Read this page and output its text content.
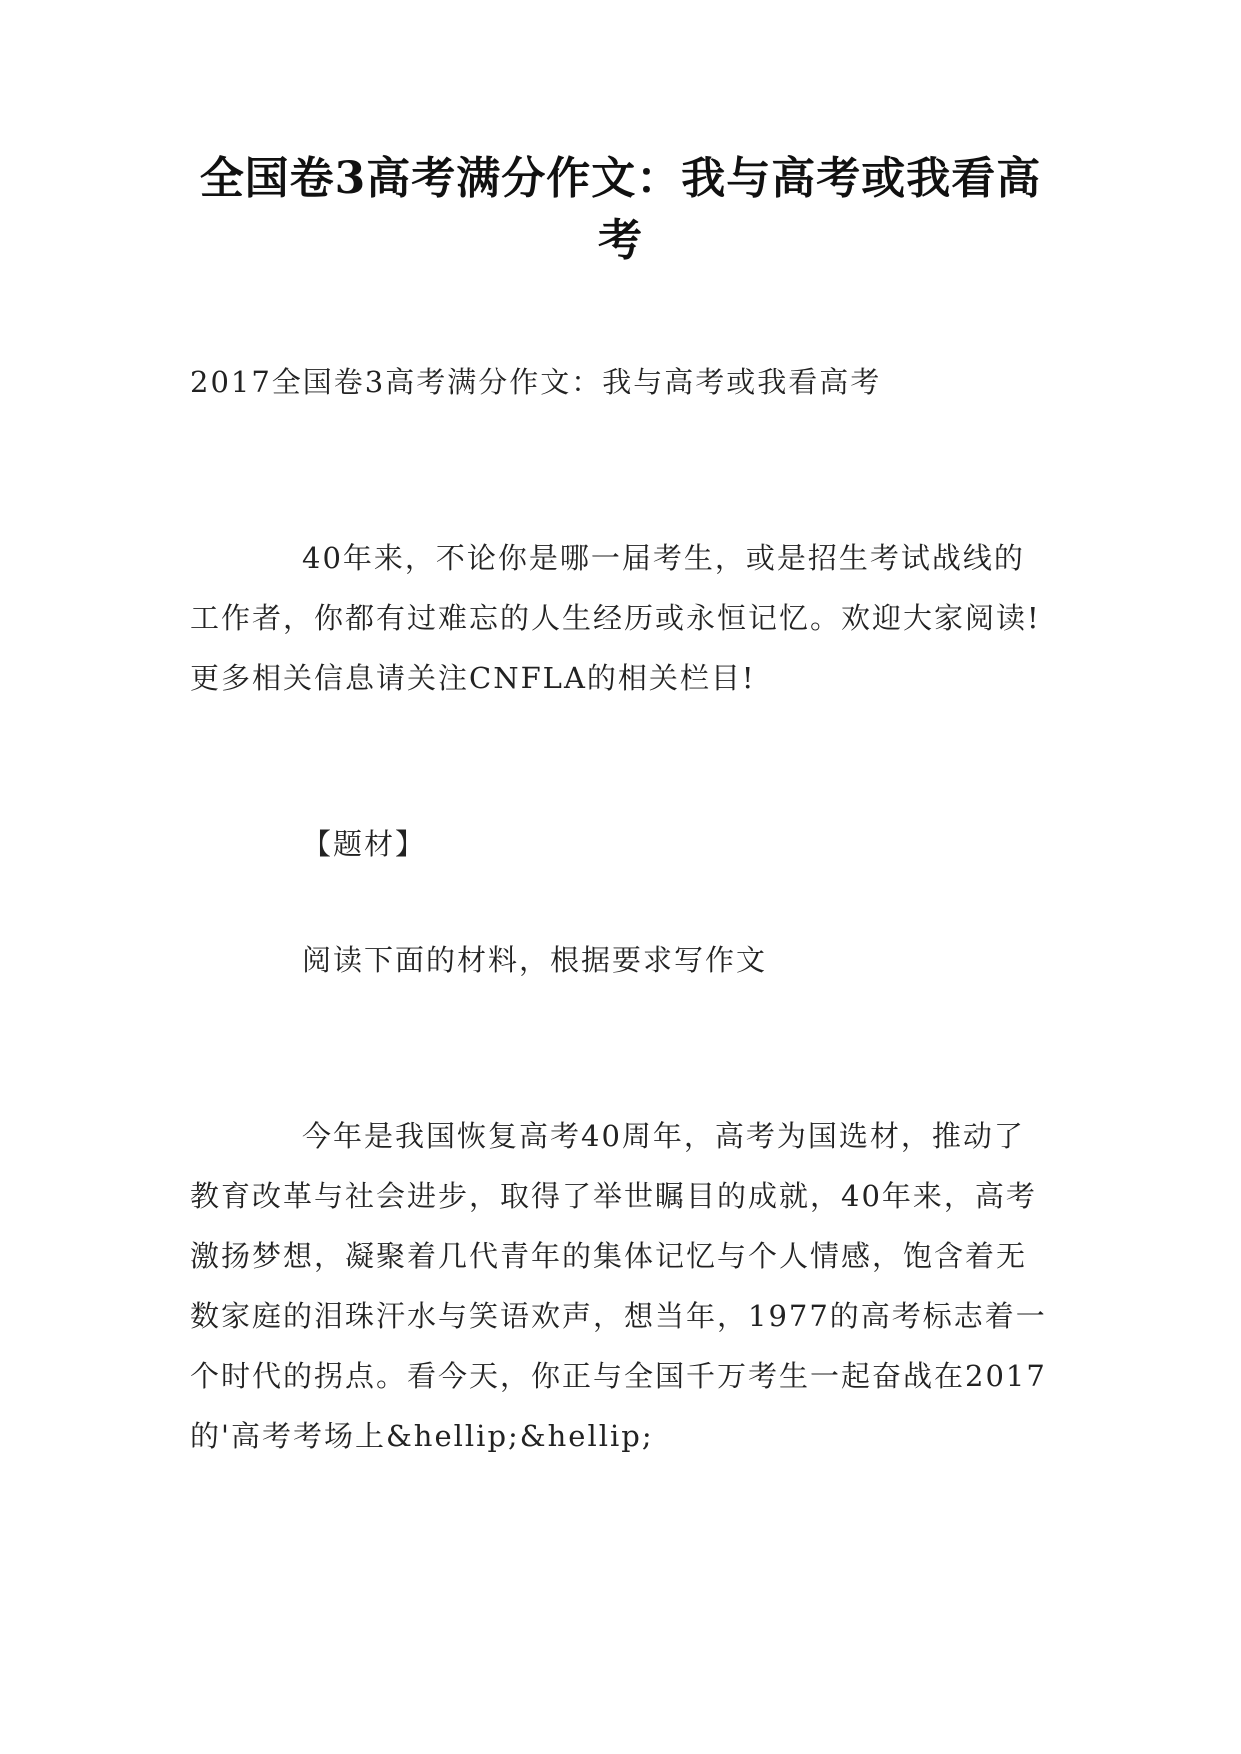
全国卷3高考满分作文：我与高考或我看高考

2017全国卷3高考满分作文：我与高考或我看高考

40年来，不论你是哪一届考生，或是招生考试战线的工作者，你都有过难忘的人生经历或永恒记忆。欢迎大家阅读!更多相关信息请关注CNFLA的相关栏目!

【题材】

阅读下面的材料，根据要求写作文

今年是我国恢复高考40周年，高考为国选材，推动了教育改革与社会进步，取得了举世瞩目的成就，40年来，高考激扬梦想，凝聚着几代青年的集体记忆与个人情感，饱含着无数家庭的泪珠汗水与笑语欢声，想当年，1977的高考标志着一个时代的拐点。看今天，你正与全国千万考生一起奋战在2017的'高考考场上&hellip;&hellip;
